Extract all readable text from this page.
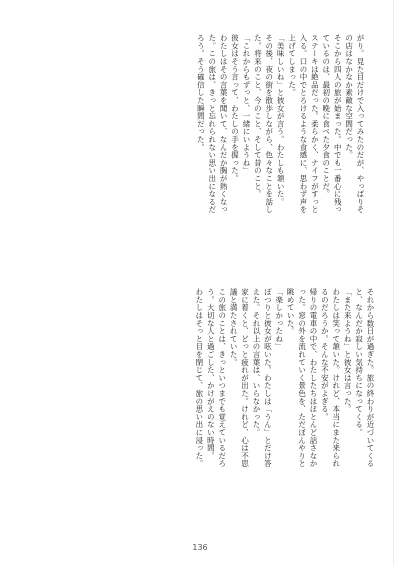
がり。見た目だけで入ってみたのだが、やっぱりそ

の店はなかなか素敵な空間だった。

そこから四人の旅が始まった。中でも一番心に残っ

ているのは、最初の晩に食べた夕食のことだ。

ステーキは絶品だった。柔らかく、ナイフがすっと

入る。口の中でとろけるような食感に、思わず声を

上げてしまった。

「美味しいね」と彼女が言う。わたしも頷いた。

その後、夜の街を散歩しながら、色々なことを話し

た。将来のこと、今のこと、そして昔のこと。

「これからもずっと、一緒にいようね」

彼女はそう言って、わたしの手を握った。

わたしはその言葉を聞いて、なんだか胸が熱くなっ

た。この旅は、きっと忘れられない思い出になるだ

ろう。そう確信した瞬間だった。

それから数日が過ぎた。旅の終わりが近づいてくる

と、なんだか寂しい気持ちになってくる。

「また来ようね」と彼女は言った。

わたしは笑って頷いた。けれど、本当にまた来られ

るのだろうか。そんな不安がよぎる。

帰りの電車の中で、わたしたちはほとんど話さなか

った。窓の外を流れていく景色を、ただぼんやりと

眺めていた。

「楽しかったね」

ぽつりと彼女が呟いた。わたしは「うん」とだけ答

えた。それ以上の言葉は、いらなかった。

家に着くと、どっと疲れが出た。けれど、心は不思

議と満たされていた。

この旅のことは、きっといつまでも覚えているだろ

う。大切な人と過ごした、かけがえのない時間。

わたしはそっと目を閉じて、旅の思い出に浸った。

136
